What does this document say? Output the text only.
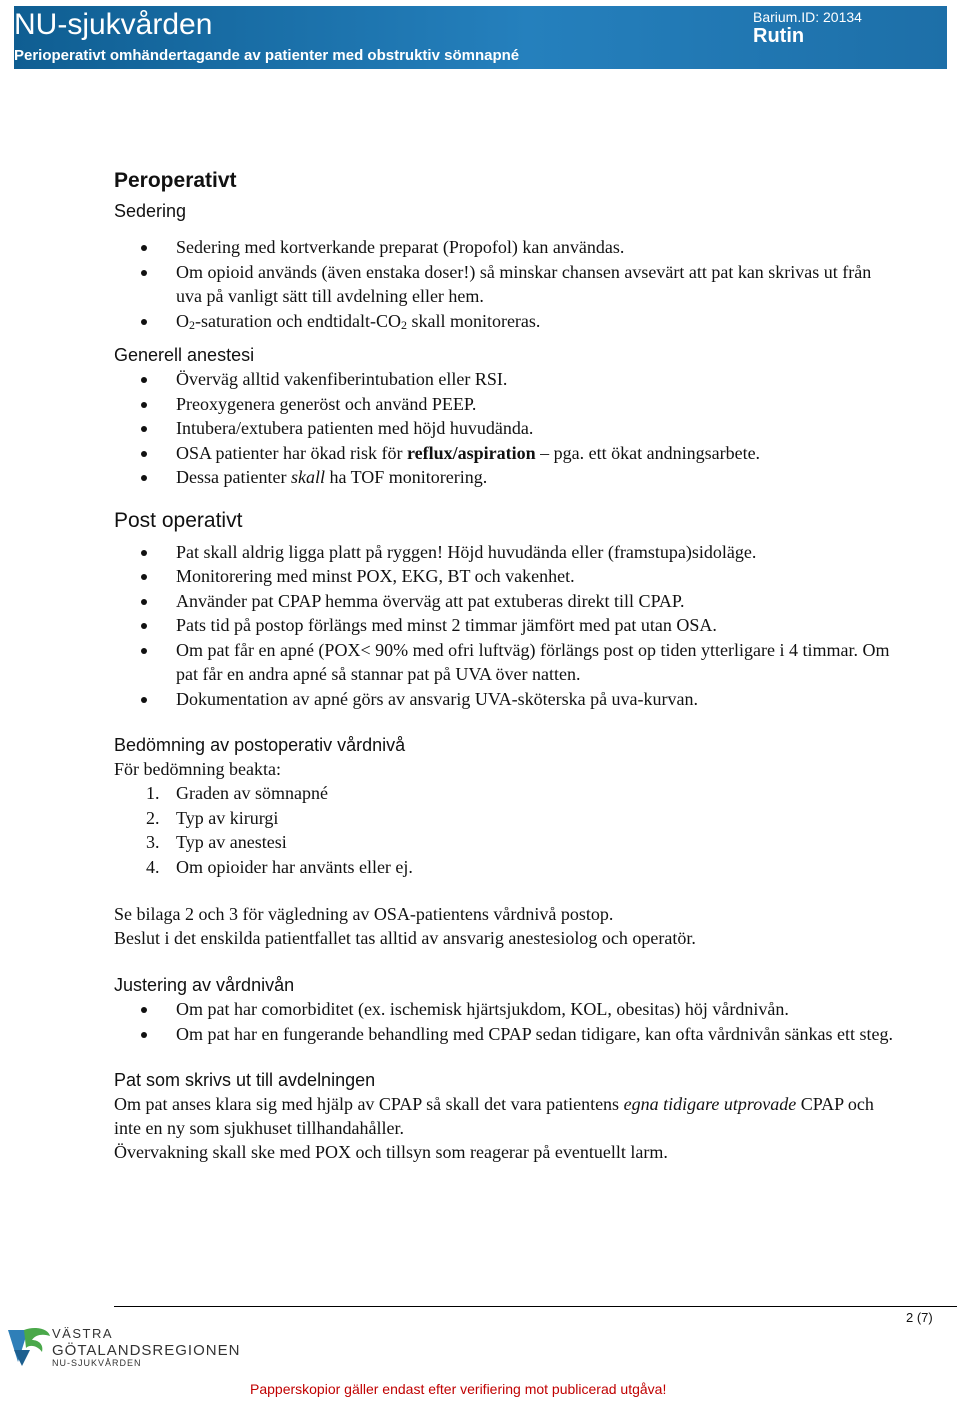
NU-sjukvården
Perioperativt omhändertagande av patienter med obstruktiv sömnapné
Barium.ID: 20134
Rutin
Peroperativt
Sedering
Sedering med kortverkande preparat (Propofol) kan användas.
Om opioid används (även enstaka doser!) så minskar chansen avsevärt att pat kan skrivas ut från uva på vanligt sätt till avdelning eller hem.
$O_2$-saturation och endtidalt-$CO_2$ skall monitoreras.
Generell anestesi
Överväg alltid vakenfiberintubation eller RSI.
Preoxygenera generöst och använd PEEP.
Intubera/extubera patienten med höjd huvudända.
OSA patienter har ökad risk för reflux/aspiration – pga. ett ökat andningsarbete.
Dessa patienter skall ha TOF monitorering.
Post operativt
Pat skall aldrig ligga platt på ryggen! Höjd huvudända eller (framstupa)sidoläge.
Monitorering med minst POX, EKG, BT och vakenhet.
Använder pat CPAP hemma överväg att pat extuberas direkt till CPAP.
Pats tid på postop förlängs med minst 2 timmar jämfört med pat utan OSA.
Om pat får en apné (POX< 90% med ofri luftväg) förlängs post op tiden ytterligare i 4 timmar. Om pat får en andra apné så stannar pat på UVA över natten.
Dokumentation av apné görs av ansvarig UVA-sköterska på uva-kurvan.
Bedömning av postoperativ vårdnivå

För bedömning beakta:

1. Graden av sömnapné
2. Typ av kirurgi
3. Typ av anestesi
4. Om opioider har använts eller ej.

Se bilaga 2 och 3 för vägledning av OSA-patientens vårdnivå postop.

Beslut i det enskilda patientfallet tas alltid av ansvarig anestesiolog och operatör.

Justering av vårdnivån
Om pat har comorbiditet (ex. ischemisk hjärtsjukdom, KOL, obesitas) höj vårdnivån.
Om pat har en fungerande behandling med CPAP sedan tidigare, kan ofta vårdnivån sänkas ett steg.
Pat som skrivs ut till avdelningen

Om pat anses klara sig med hjälp av CPAP så skall det vara patientens egna tidigare utprovade CPAP och inte en ny som sjukhuset tillhandahåller.

Övervakning skall ske med POX och tillsyn som reagerar på eventuellt larm.

2 (7)
VÄSTRA
GÖTALANDSREGIONEN
NU-SJUKVÅRDEN
Papperskopior gäller endast efter verifiering mot publicerad utgåva!
